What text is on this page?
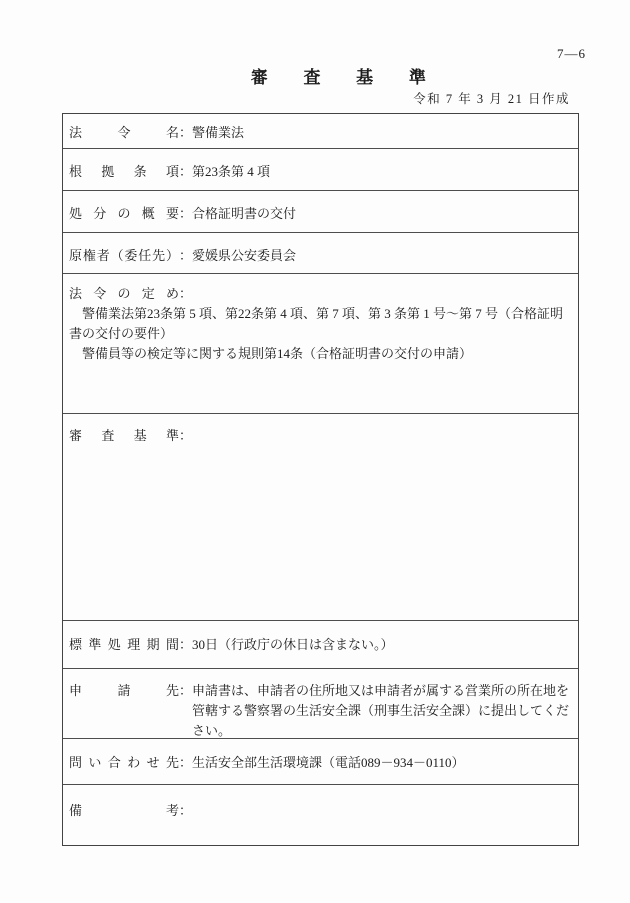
7—6
審査基準
令和 7 年 3 月 21 日作成
法令名 ： 警備業法
根拠条項 ： 第23条第 4 項
処分の概要 ： 合格証明書の交付
原権者（委任先） ： 愛媛県公安委員会
法令の定め：

警備業法第23条第 5 項、第22条第 4 項、第 7 項、第 3 条第 1 号～第 7 号（合格証明書の交付の要件）

警備員等の検定等に関する規則第14条（合格証明書の交付の申請）

審査基準 ：
標準処理期間 ： 30日（行政庁の休日は含まない。）
申請先 ： 申請書は、申請者の住所地又は申請者が属する営業所の所在地を管轄する警察署の生活安全課（刑事生活安全課）に提出してください。
問い合わせ先 ： 生活安全部生活環境課（電話089－934－0110）
備考 ：
